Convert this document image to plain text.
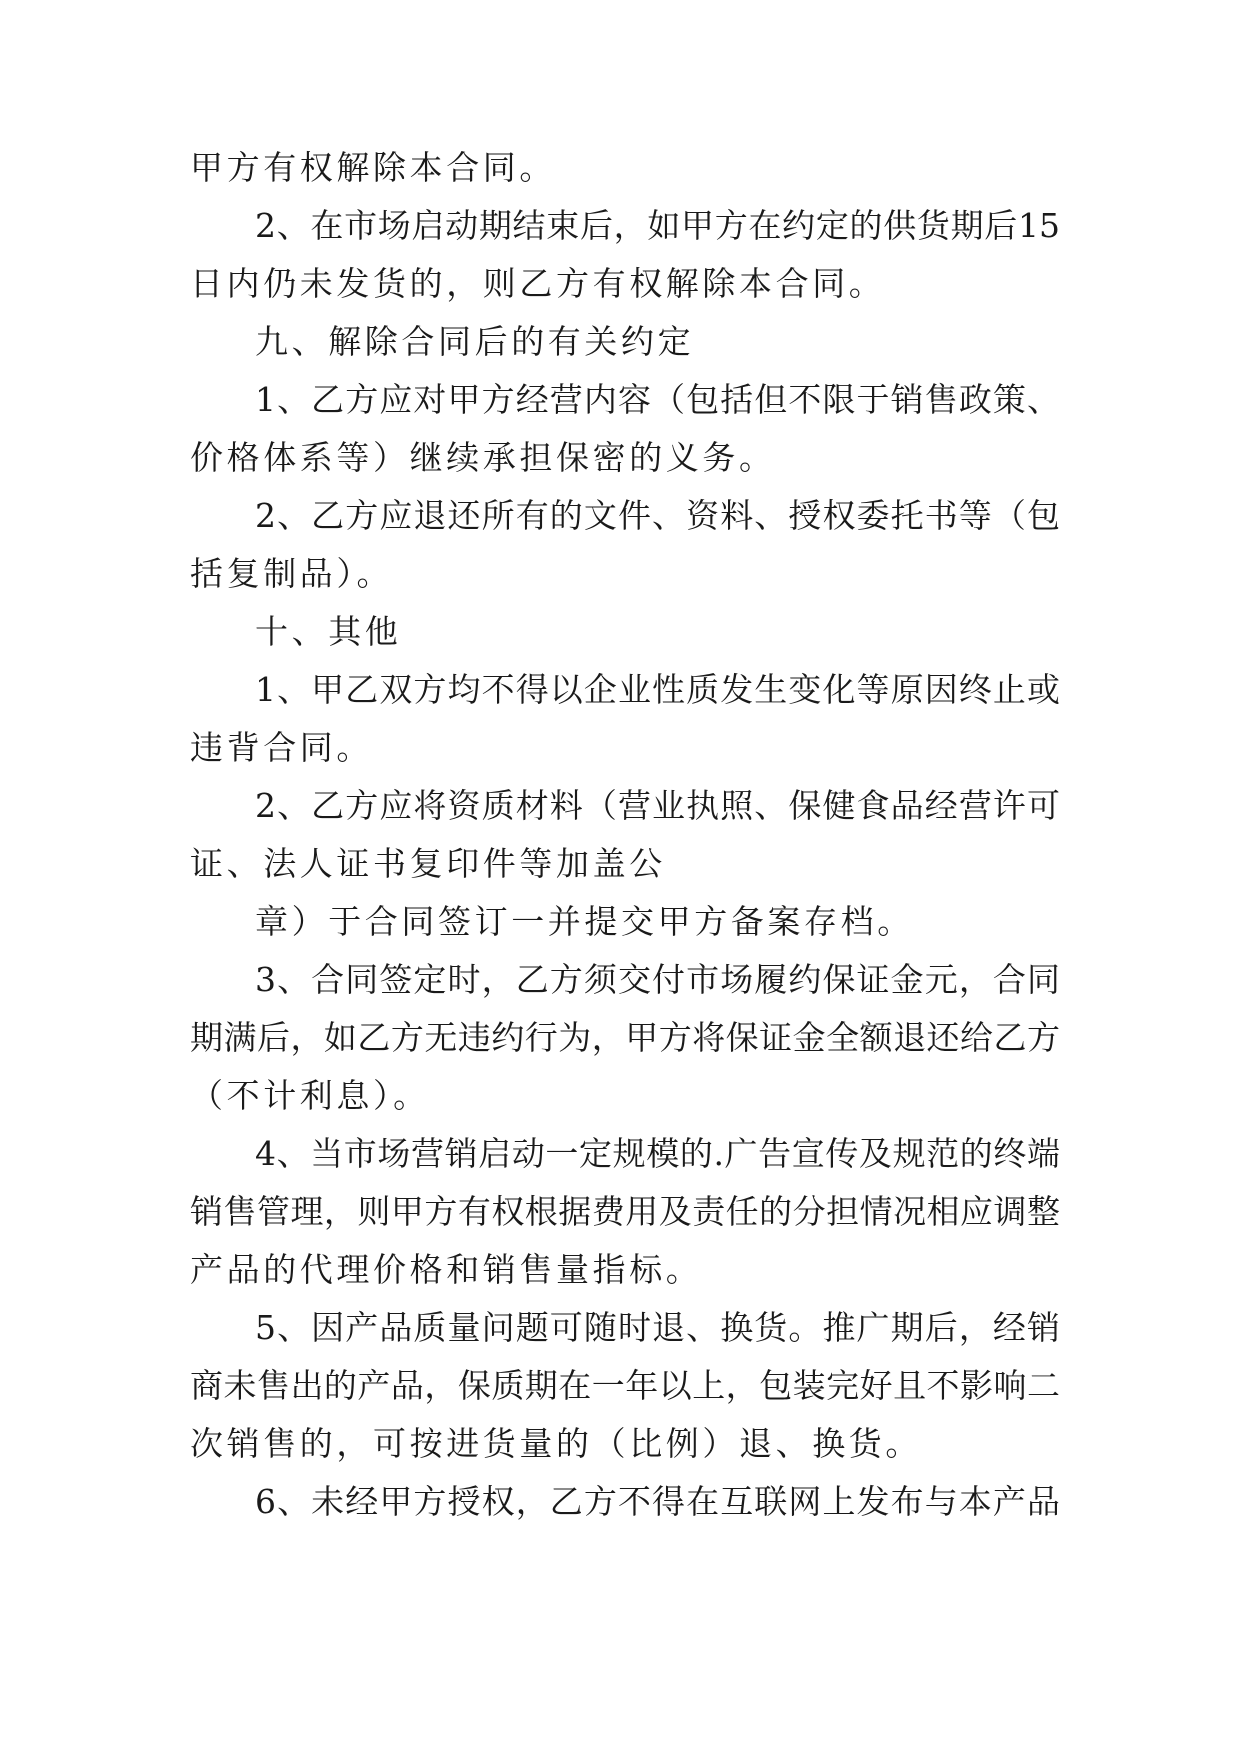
甲方有权解除本合同。
2、在市场启动期结束后，如甲方在约定的供货期后15
日内仍未发货的，则乙方有权解除本合同。
九、解除合同后的有关约定
1、乙方应对甲方经营内容（包括但不限于销售政策、
价格体系等）继续承担保密的义务。
2、乙方应退还所有的文件、资料、授权委托书等（包
括复制品）。
十、其他
1、甲乙双方均不得以企业性质发生变化等原因终止或
违背合同。
2、乙方应将资质材料（营业执照、保健食品经营许可
证、法人证书复印件等加盖公
章）于合同签订一并提交甲方备案存档。
3、合同签定时，乙方须交付市场履约保证金元，合同
期满后，如乙方无违约行为，甲方将保证金全额退还给乙方
（不计利息）。
4、当市场营销启动一定规模的.广告宣传及规范的终端
销售管理，则甲方有权根据费用及责任的分担情况相应调整
产品的代理价格和销售量指标。
5、因产品质量问题可随时退、换货。推广期后，经销
商未售出的产品，保质期在一年以上，包装完好且不影响二
次销售的，可按进货量的（比例）退、换货。
6、未经甲方授权，乙方不得在互联网上发布与本产品
